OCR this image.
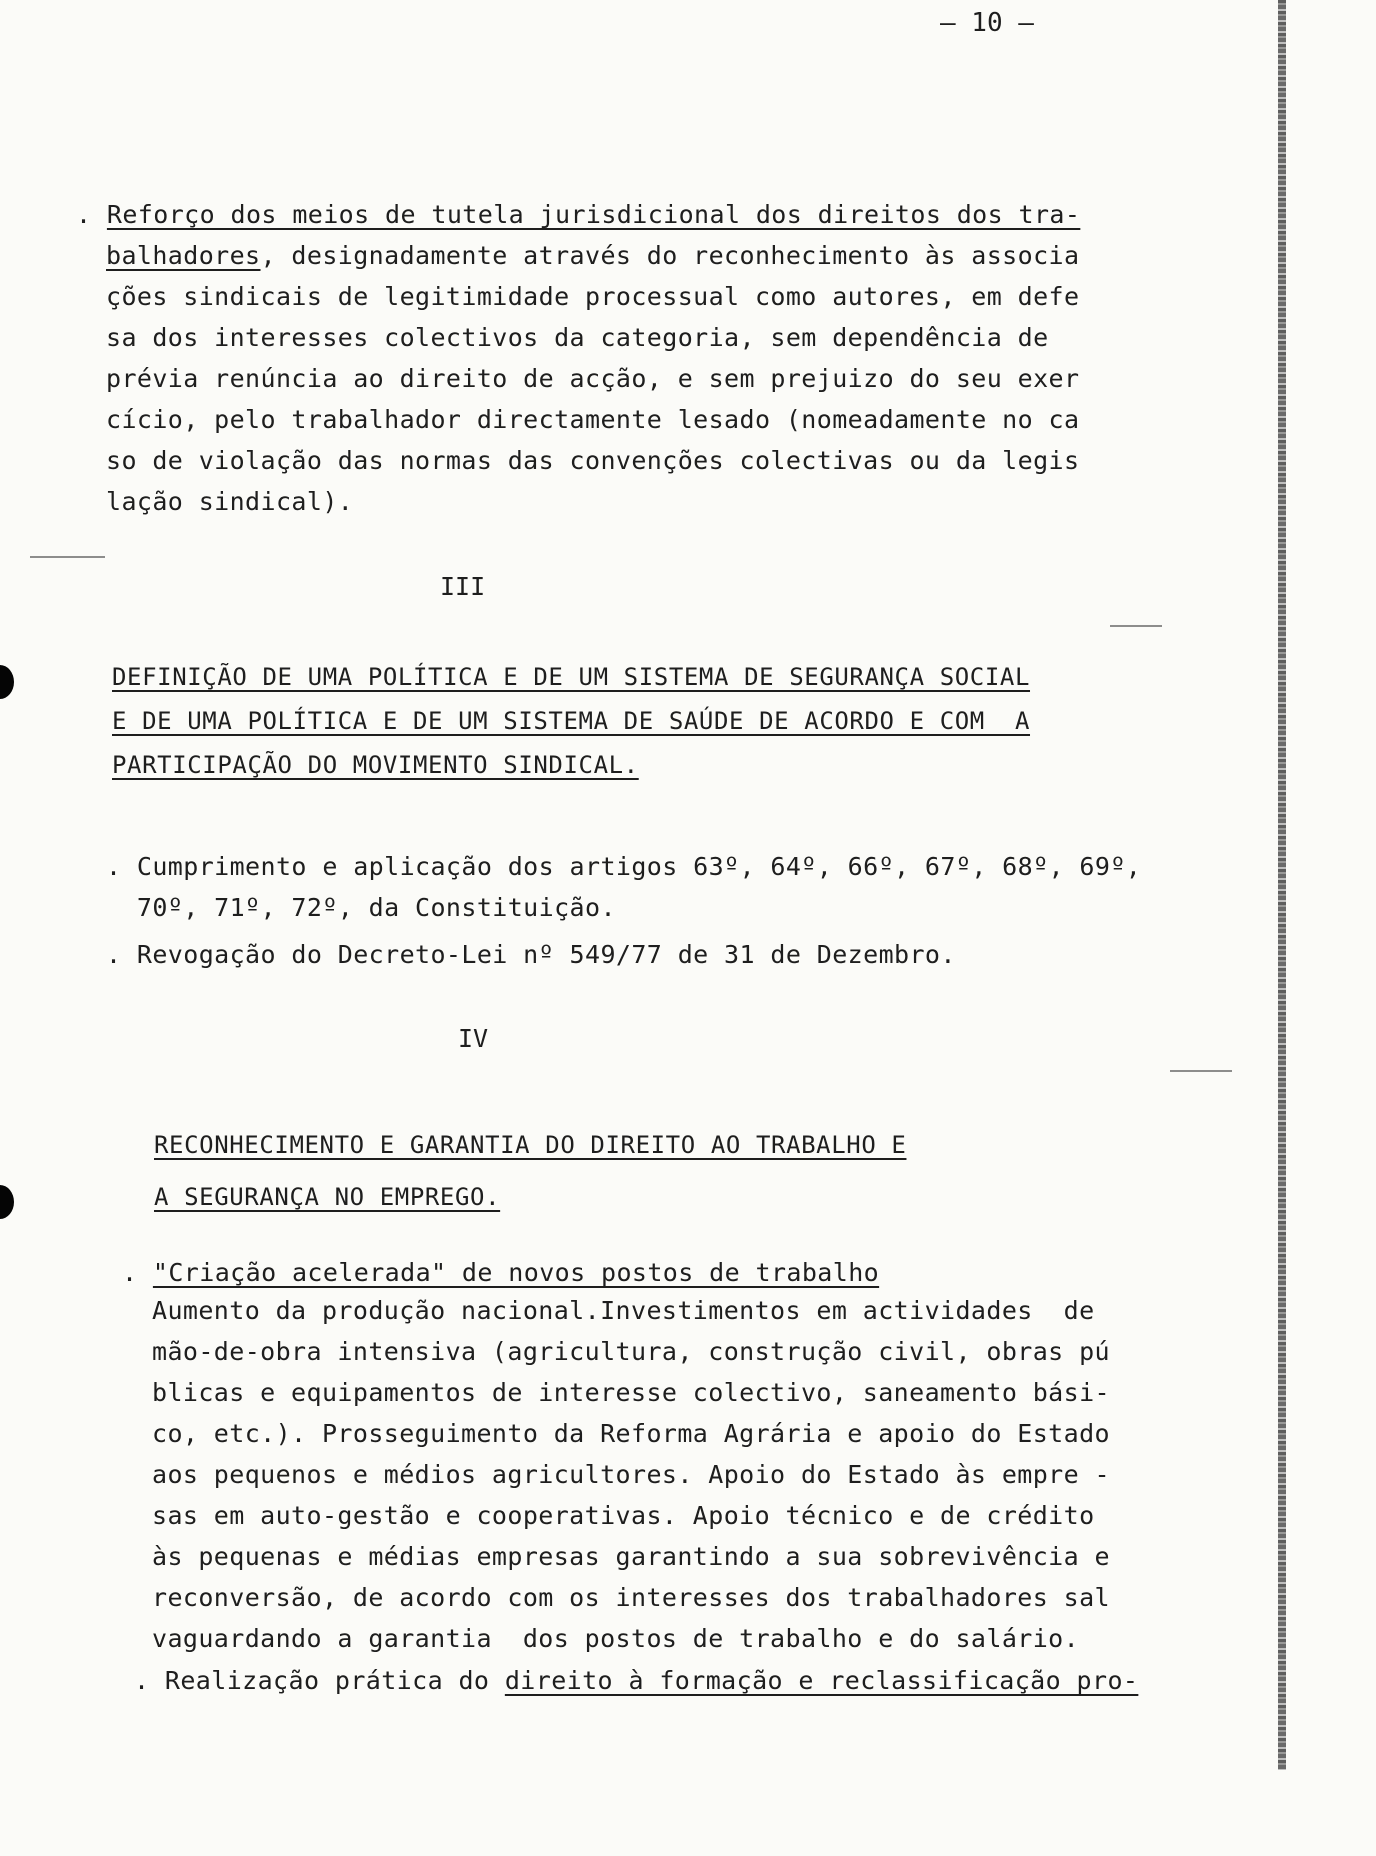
— 10 —
. Reforço dos meios de tutela jurisdicional dos direitos dos tra-
balhadores, designadamente através do reconhecimento às associa
ções sindicais de legitimidade processual como autores, em defe
sa dos interesses colectivos da categoria, sem dependência de
prévia renúncia ao direito de acção, e sem prejuizo do seu exer
cício, pelo trabalhador directamente lesado (nomeadamente no ca
so de violação das normas das convenções colectivas ou da legis
lação sindical).
III
DEFINIÇÃO DE UMA POLÍTICA E DE UM SISTEMA DE SEGURANÇA SOCIAL
E DE UMA POLÍTICA E DE UM SISTEMA DE SAÚDE DE ACORDO E COM  A
PARTICIPAÇÃO DO MOVIMENTO SINDICAL.
. Cumprimento e aplicação dos artigos 63º, 64º, 66º, 67º, 68º, 69º,
70º, 71º, 72º, da Constituição.
. Revogação do Decreto-Lei nº 549/77 de 31 de Dezembro.
IV
RECONHECIMENTO E GARANTIA DO DIREITO AO TRABALHO E
A SEGURANÇA NO EMPREGO.
. "Criação acelerada" de novos postos de trabalho
Aumento da produção nacional.Investimentos em actividades  de
mão-de-obra intensiva (agricultura, construção civil, obras pú
blicas e equipamentos de interesse colectivo, saneamento bási-
co, etc.). Prosseguimento da Reforma Agrária e apoio do Estado
aos pequenos e médios agricultores. Apoio do Estado às empre -
sas em auto-gestão e cooperativas. Apoio técnico e de crédito
às pequenas e médias empresas garantindo a sua sobrevivência e
reconversão, de acordo com os interesses dos trabalhadores sal
vaguardando a garantia  dos postos de trabalho e do salário.
. Realização prática do direito à formação e reclassificação pro-
